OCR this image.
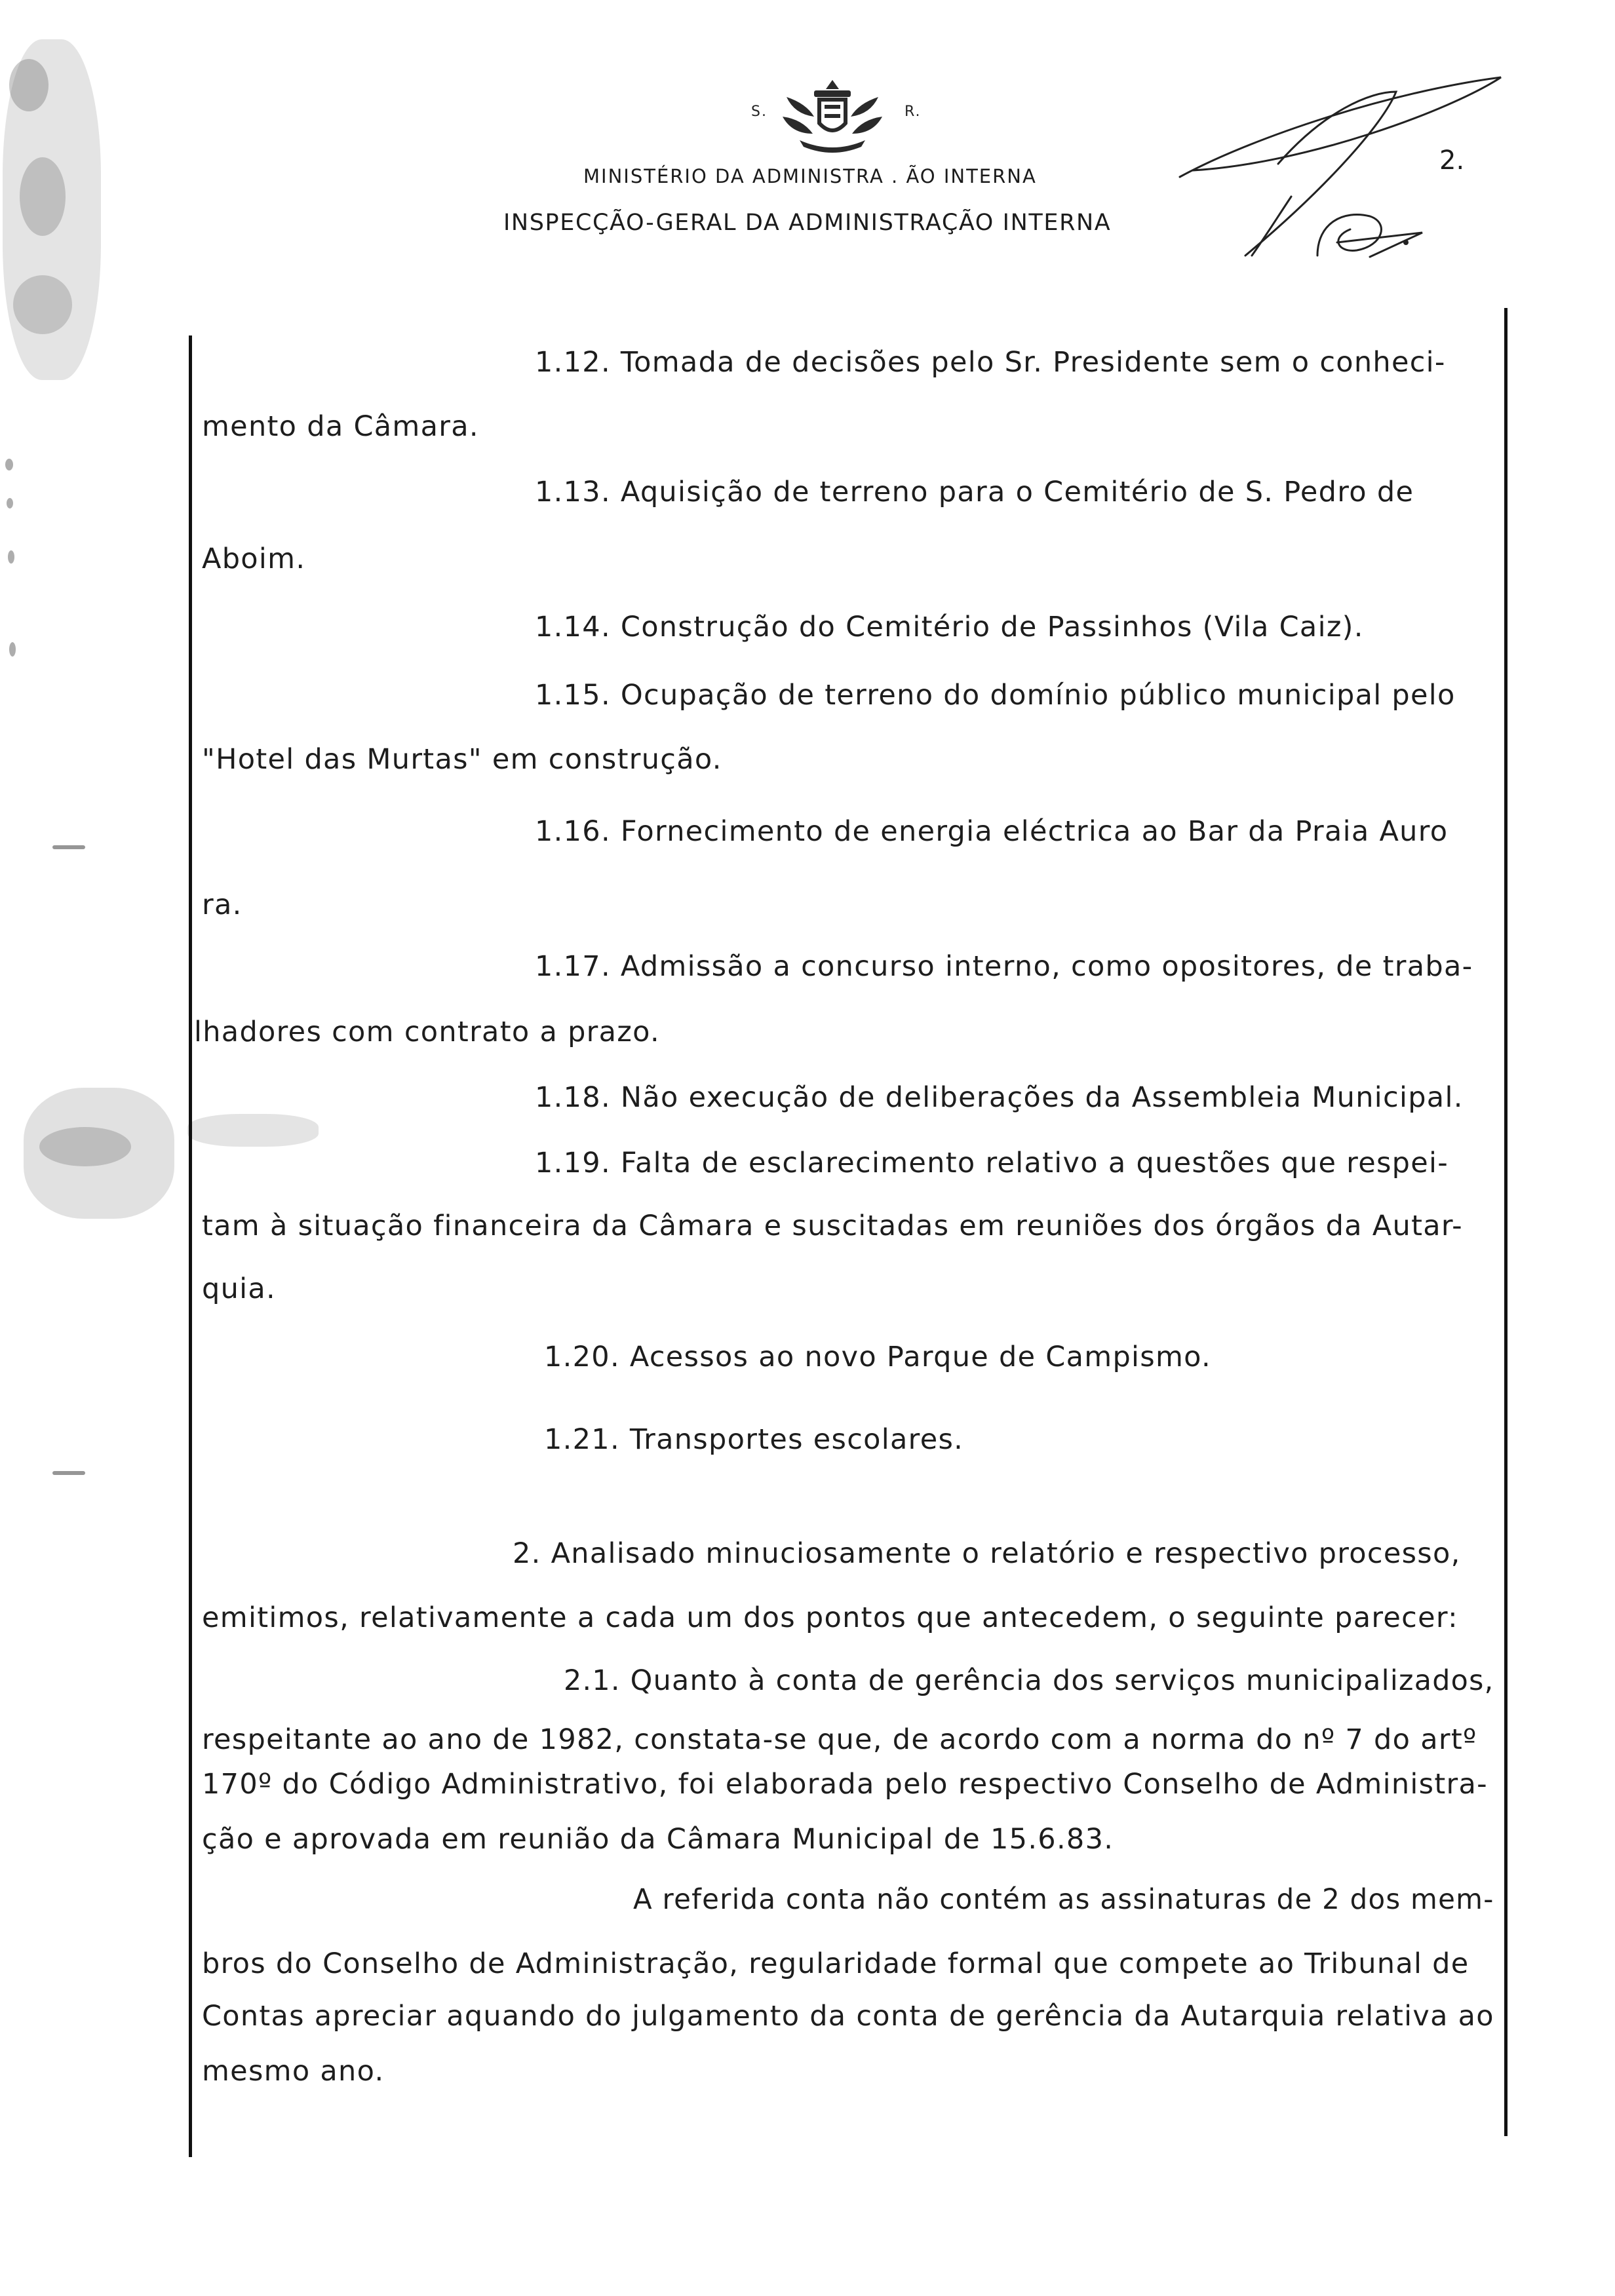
S.	R.
MINISTÉRIO DA ADMINISTRA . ÃO INTERNA
INSPECÇÃO-GERAL DA ADMINISTRAÇÃO INTERNA
2.
1.12. Tomada de decisões pelo Sr. Presidente sem o conheci-
mento da Câmara.
1.13. Aquisição de terreno para o Cemitério de S. Pedro de
Aboim.
1.14. Construção do Cemitério de Passinhos (Vila Caiz).
1.15. Ocupação de terreno do domínio público municipal pelo
"Hotel das Murtas" em construção.
1.16. Fornecimento de energia eléctrica ao Bar da Praia Auro
ra.
1.17. Admissão a concurso interno, como opositores, de traba-
lhadores com contrato a prazo.
1.18. Não execução de deliberações da Assembleia Municipal.
1.19. Falta de esclarecimento relativo a questões que respei-
tam à situação financeira da Câmara e suscitadas em reuniões dos órgãos da Autar-
quia.
1.20. Acessos ao novo Parque de Campismo.
1.21. Transportes escolares.
2. Analisado minuciosamente o relatório e respectivo processo,
emitimos, relativamente a cada um dos pontos que antecedem, o seguinte parecer:
2.1. Quanto à conta de gerência dos serviços municipalizados,
respeitante ao ano de 1982, constata-se que, de acordo com a norma do nº 7 do artº
170º do Código Administrativo, foi elaborada pelo respectivo Conselho de Administra-
ção e aprovada em reunião da Câmara Municipal de 15.6.83.
A referida conta não contém as assinaturas de 2 dos mem-
bros do Conselho de Administração, regularidade formal que compete ao Tribunal de
Contas apreciar aquando do julgamento da conta de gerência da Autarquia relativa ao
mesmo ano.
